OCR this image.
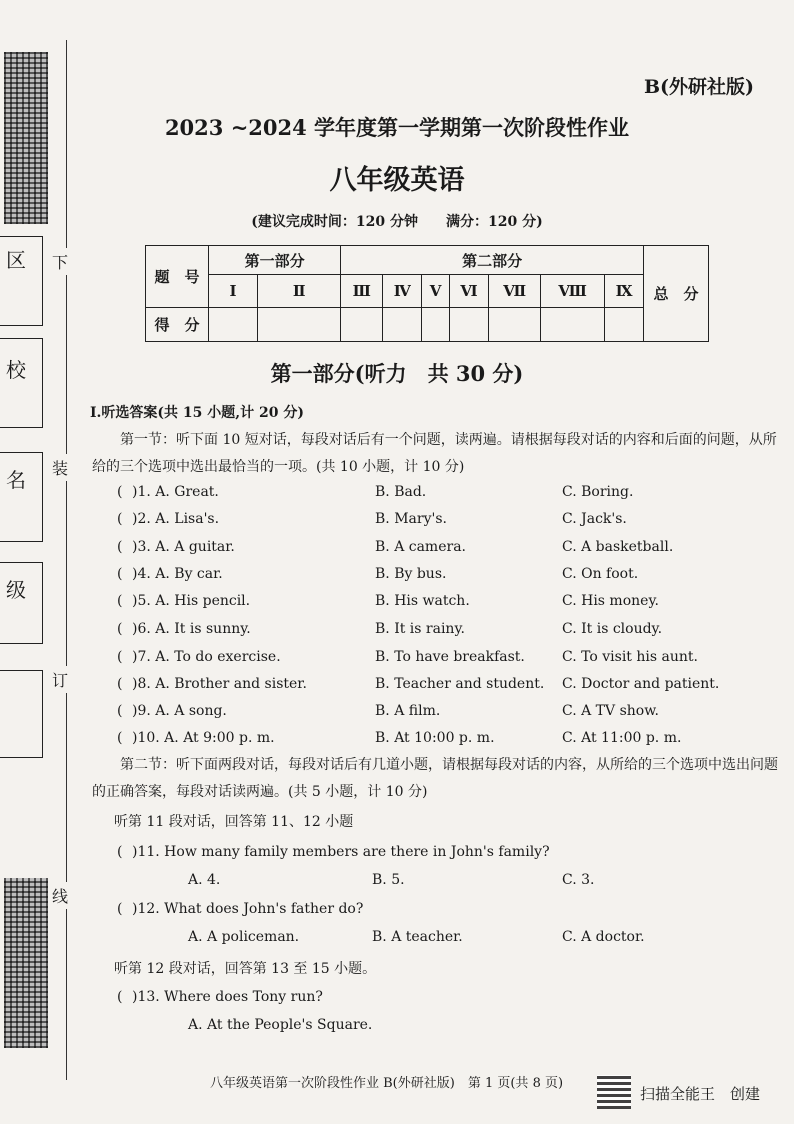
区
校
名
级
下
装
订
线
B(外研社版)
2023 ~2024 学年度第一学期第一次阶段性作业
八年级英语
(建议完成时间：120 分钟　　满分：120 分)
题　号	第一部分		第二部分							总　分
	Ⅰ	Ⅱ	Ⅲ	Ⅳ	Ⅴ	Ⅵ	Ⅶ	Ⅷ	Ⅸ	
得　分										
第一部分(听力　共 30 分)
Ⅰ.听选答案(共 15 小题,计 20 分)
第一节：听下面 10 短对话，每段对话后有一个问题，读两遍。请根据每段对话的内容和后面的问题，从所给的三个选项中选出最恰当的一项。(共 10 小题，计 10 分)
( )1. A. Great.	B. Bad.	C. Boring.
( )2. A. Lisa's.	B. Mary's.	C. Jack's.
( )3. A. A guitar.	B. A camera.	C. A basketball.
( )4. A. By car.	B. By bus.	C. On foot.
( )5. A. His pencil.	B. His watch.	C. His money.
( )6. A. It is sunny.	B. It is rainy.	C. It is cloudy.
( )7. A. To do exercise.	B. To have breakfast.	C. To visit his aunt.
( )8. A. Brother and sister.	B. Teacher and student. C. Doctor and patient.
( )9. A. A song.	B. A film.	C. A TV show.
( )10. A. At 9:00 p. m.	B. At 10:00 p. m.	C. At 11:00 p. m.
第二节：听下面两段对话，每段对话后有几道小题，请根据每段对话的内容，从所给的三个选项中选出问题的正确答案，每段对话读两遍。(共 5 小题，计 10 分)
听第 11 段对话，回答第 11、12 小题
( )11. How many family members are there in John's family?
A. 4.	B. 5.	C. 3.
( )12. What does John's father do?
A. A policeman.	B. A teacher.	C. A doctor.
听第 12 段对话，回答第 13 至 15 小题。
( )13. Where does Tony run?
A. At the People's Square.
八年级英语第一次阶段性作业 B(外研社版)　第 1 页(共 8 页)
扫描全能王　创建
